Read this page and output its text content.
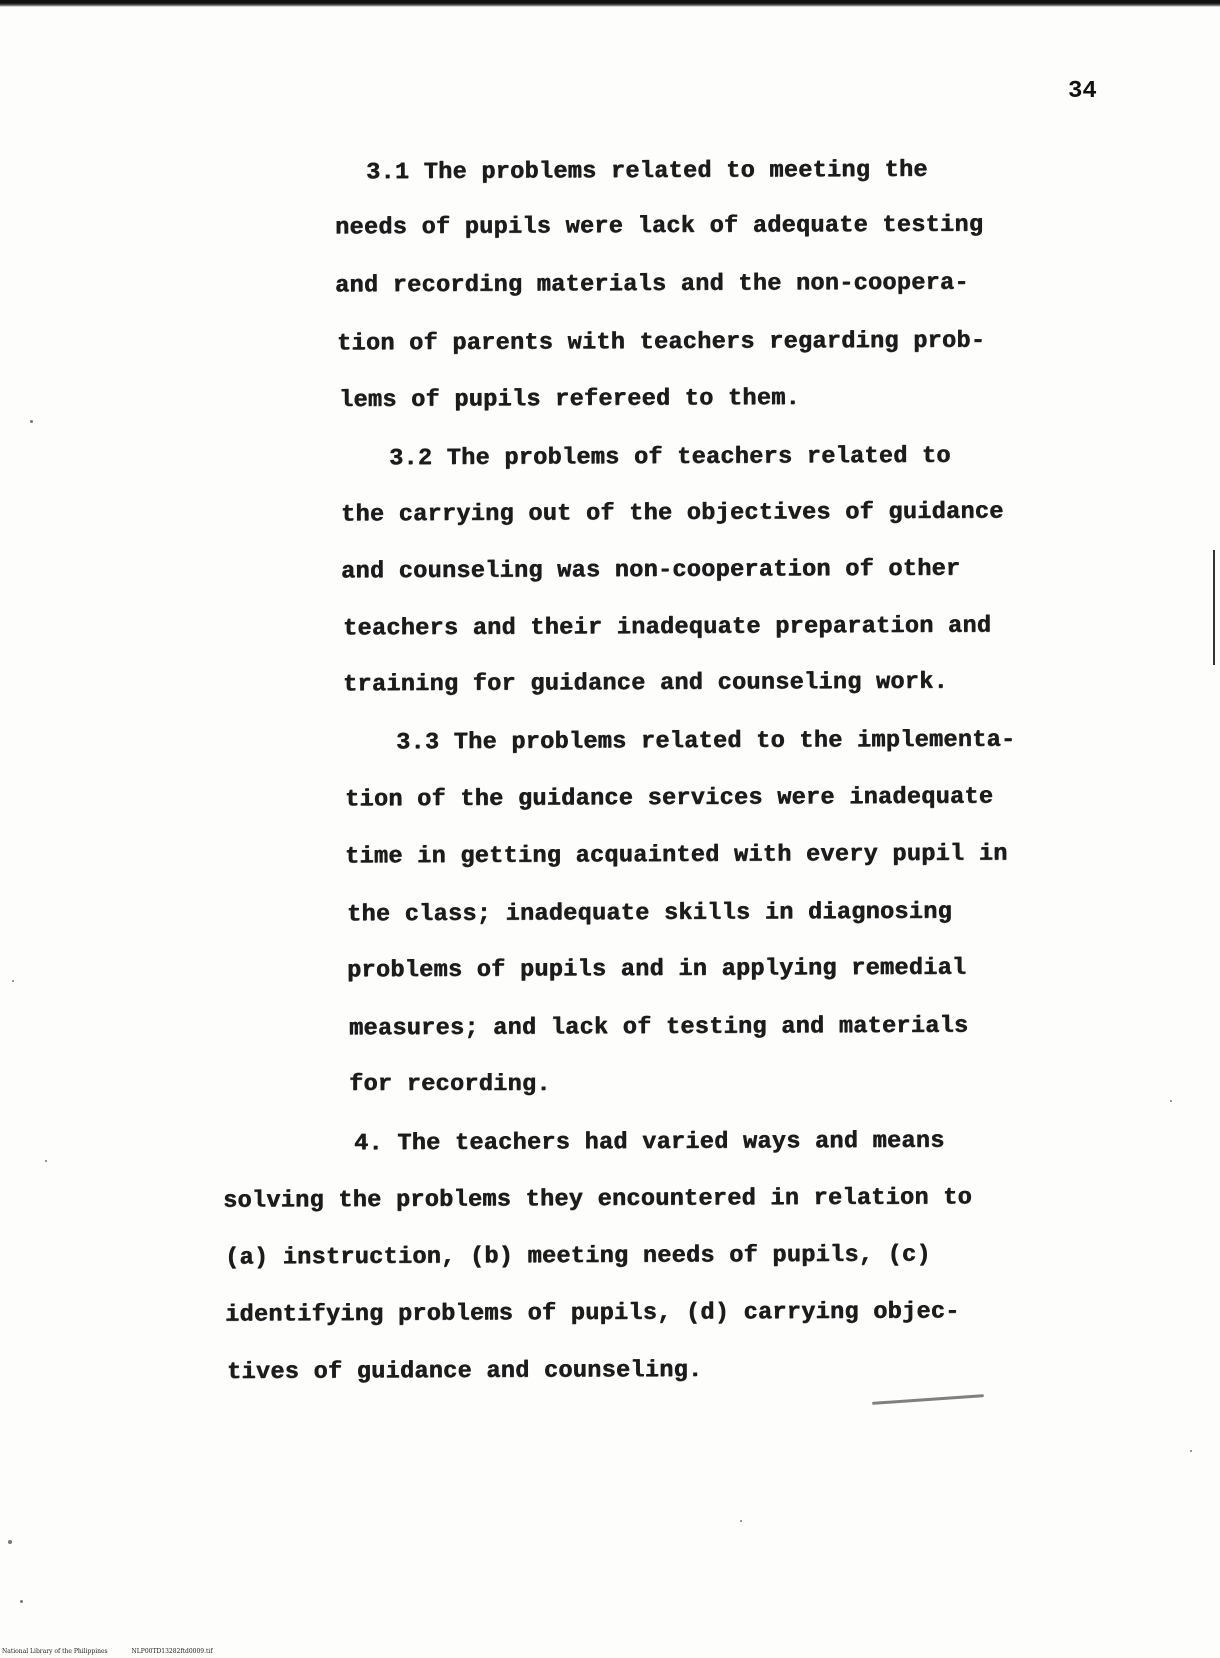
34
3.1 The problems related to meeting the
needs of pupils were lack of adequate testing
and recording materials and the non-coopera-
tion of parents with teachers regarding prob-
lems of pupils refereed to them.
3.2 The problems of teachers related to
the carrying out of the objectives of guidance
and counseling was non-cooperation of other
teachers and their inadequate preparation and
training for guidance and counseling work.
3.3 The problems related to the implementa-
tion of the guidance services were inadequate
time in getting acquainted with every pupil in
the class; inadequate skills in diagnosing
problems of pupils and in applying remedial
measures; and lack of testing and materials
for recording.
4. The teachers had varied ways and means
solving the problems they encountered in relation to
(a) instruction, (b) meeting needs of pupils, (c)
identifying problems of pupils, (d) carrying objec-
tives of guidance and counseling.
National Library of the Philippines	NLP00TD13282ftd0009.tif
